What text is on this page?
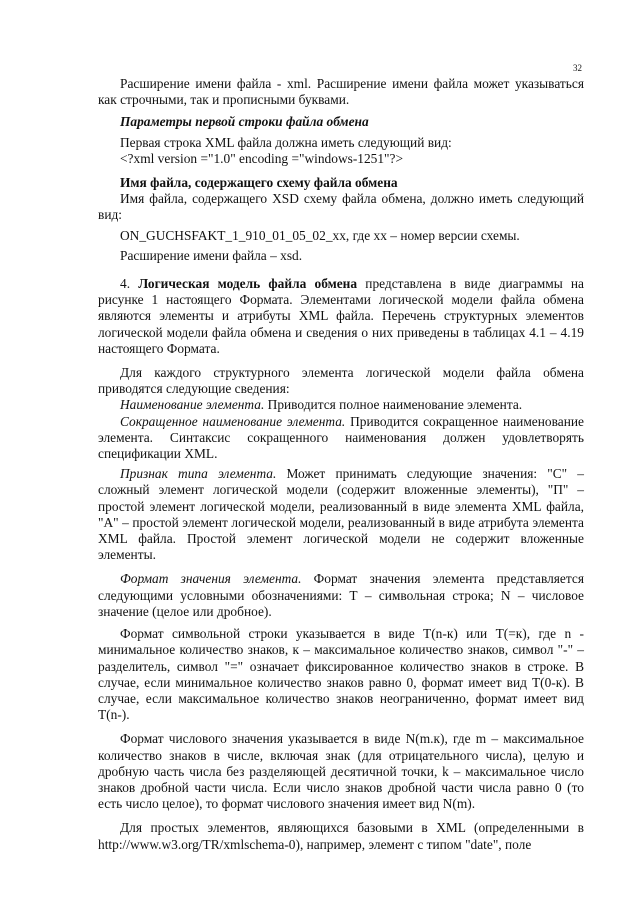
32

Расширение имени файла - xml. Расширение имени файла может указываться как строчными, так и прописными буквами.

Параметры первой строки файла обмена

Первая строка XML файла должна иметь следующий вид:

<?xml version ="1.0" encoding ="windows-1251"?>

Имя файла, содержащего схему файла обмена

Имя файла, содержащего XSD схему файла обмена, должно иметь следующий вид:

ON_GUCHSFAKT_1_910_01_05_02_xx, где хх – номер версии схемы.

Расширение имени файла – xsd.

4. Логическая модель файла обмена представлена в виде диаграммы на рисунке 1 настоящего Формата. Элементами логической модели файла обмена являются элементы и атрибуты XML файла. Перечень структурных элементов логической модели файла обмена и сведения о них приведены в таблицах 4.1 – 4.19 настоящего Формата.

Для каждого структурного элемента логической модели файла обмена приводятся следующие сведения:

Наименование элемента. Приводится полное наименование элемента.

Сокращенное наименование элемента. Приводится сокращенное наименование элемента. Синтаксис сокращенного наименования должен удовлетворять спецификации XML.

Признак типа элемента. Может принимать следующие значения: "С" – сложный элемент логической модели (содержит вложенные элементы), "П" – простой элемент логической модели, реализованный в виде элемента XML файла, "А" – простой элемент логической модели, реализованный в виде атрибута элемента XML файла. Простой элемент логической модели не содержит вложенные элементы.

Формат значения элемента. Формат значения элемента представляется следующими условными обозначениями: Т – символьная строка; N – числовое значение (целое или дробное).

Формат символьной строки указывается в виде Т(n-к) или Т(=к), где n - минимальное количество знаков, к – максимальное количество знаков, символ "-" – разделитель, символ "=" означает фиксированное количество знаков в строке. В случае, если минимальное количество знаков равно 0, формат имеет вид Т(0-к). В случае, если максимальное количество знаков неограниченно, формат имеет вид Т(n-).

Формат числового значения указывается в виде N(m.к), где m – максимальное количество знаков в числе, включая знак (для отрицательного числа), целую и дробную часть числа без разделяющей десятичной точки, k – максимальное число знаков дробной части числа. Если число знаков дробной части числа равно 0 (то есть число целое), то формат числового значения имеет вид N(m).

Для простых элементов, являющихся базовыми в XML (определенными в http://www.w3.org/TR/xmlschema-0), например, элемент с типом "date", поле
